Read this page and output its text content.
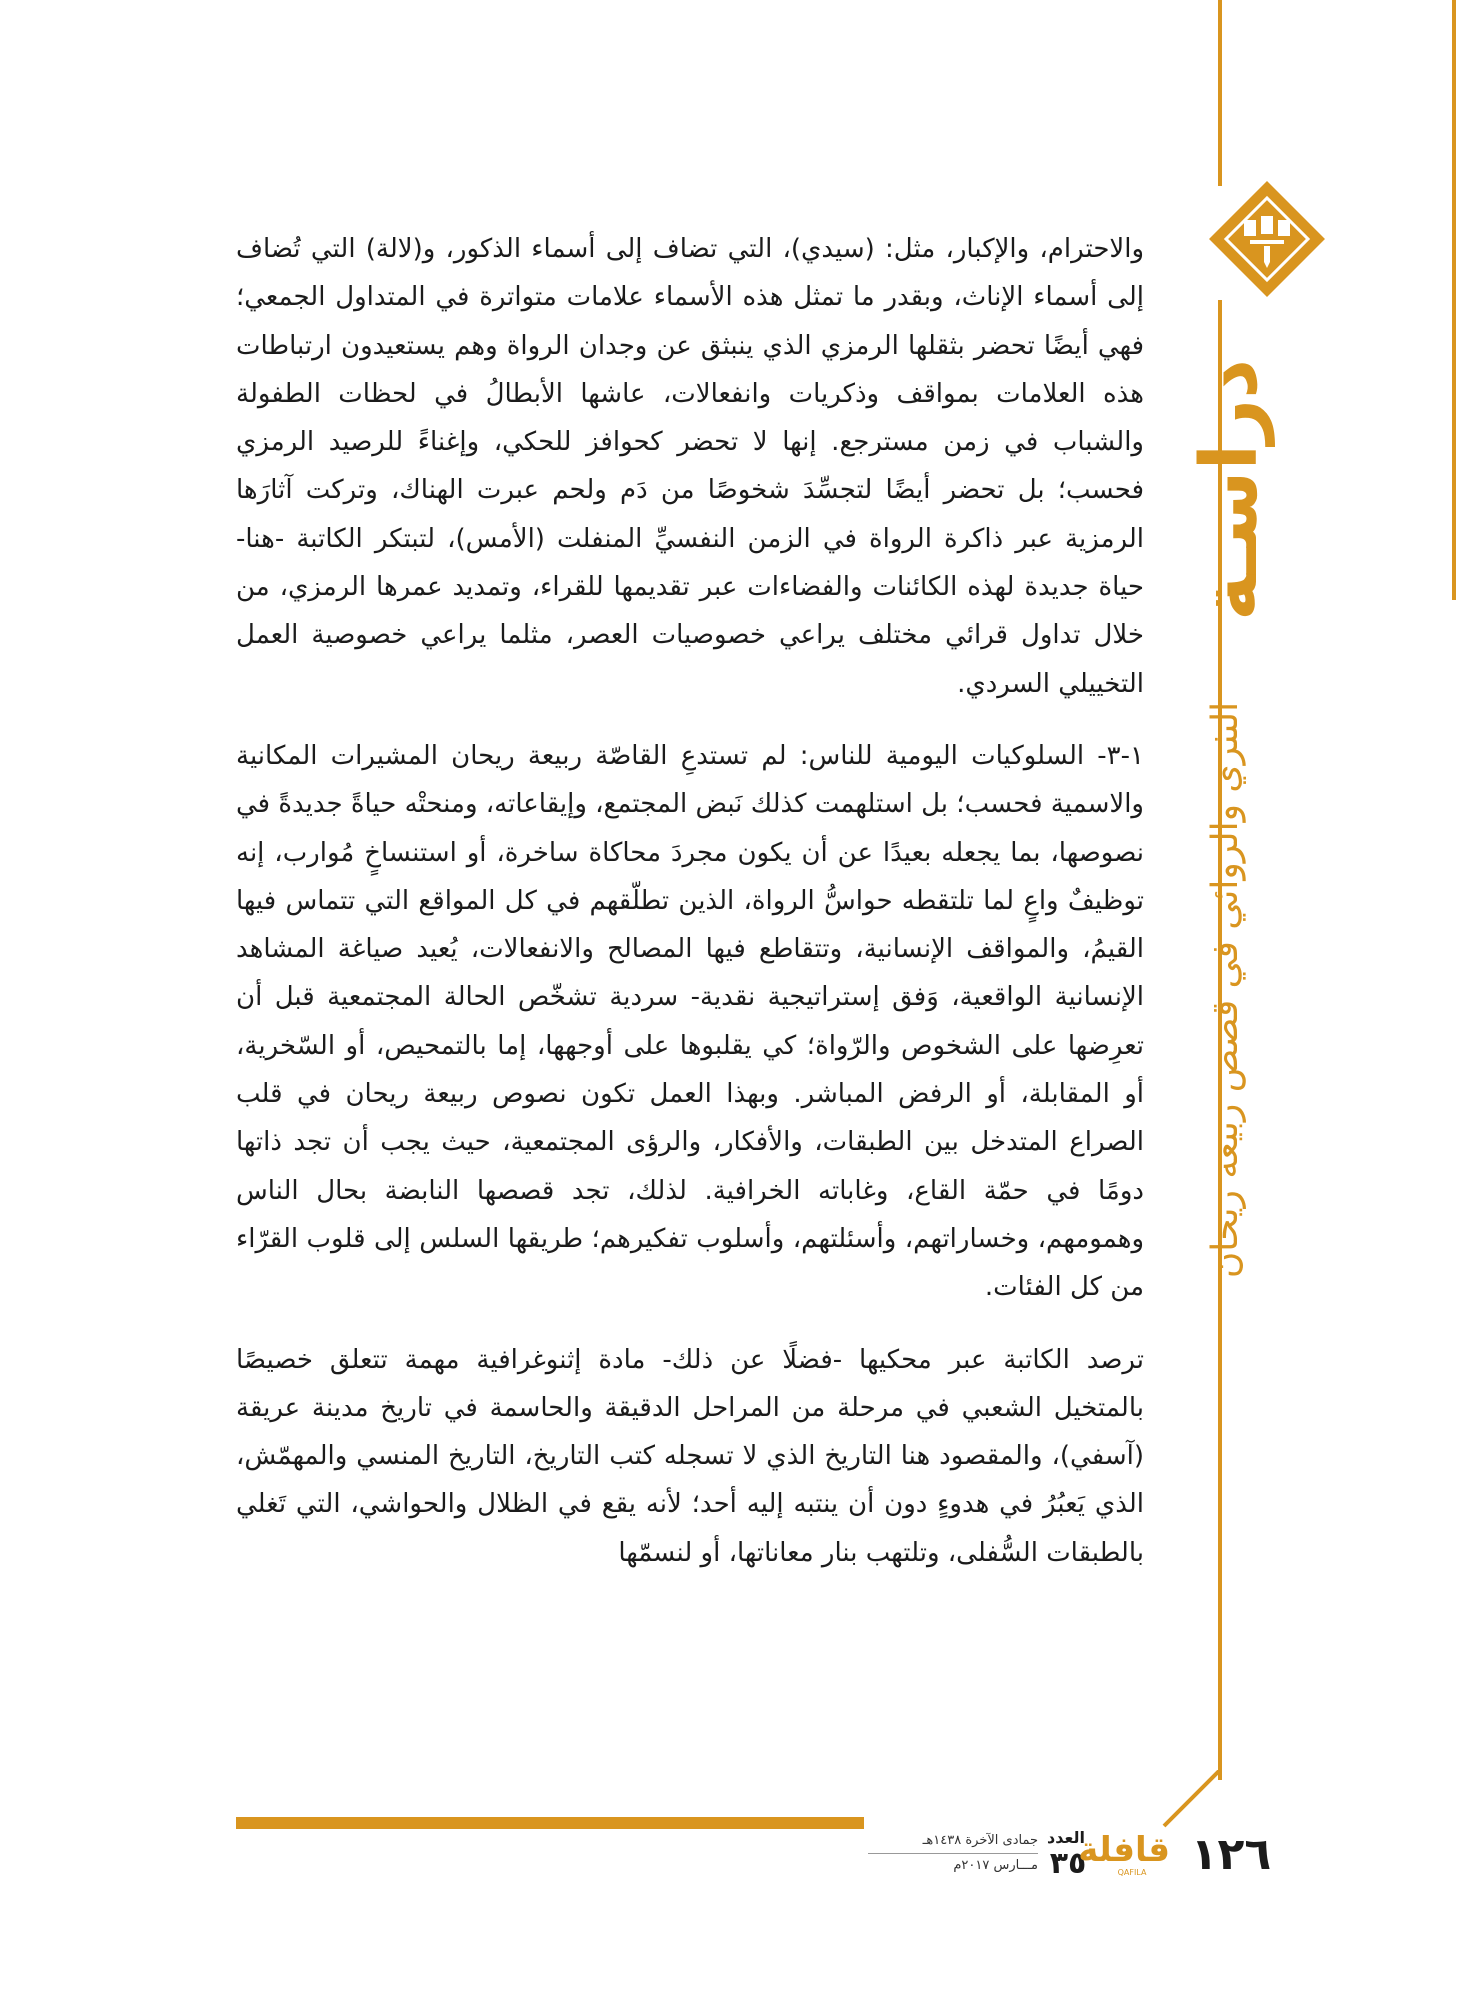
دراسـة
النثري والروائي في قصص ربيعة ريحان

والاحترام، والإكبار، مثل: (سيدي)، التي تضاف إلى أسماء الذكور، و(لالة) التي تُضاف إلى أسماء الإناث، وبقدر ما تمثل هذه الأسماء علامات متواترة في المتداول الجمعي؛ فهي أيضًا تحضر بثقلها الرمزي الذي ينبثق عن وجدان الرواة وهم يستعيدون ارتباطات هذه العلامات بمواقف وذكريات وانفعالات، عاشها الأبطالُ في لحظات الطفولة والشباب في زمن مسترجع. إنها لا تحضر كحوافز للحكي، وإغناءً للرصيد الرمزي فحسب؛ بل تحضر أيضًا لتجسِّدَ شخوصًا من دَم ولحم عبرت الهناك، وتركت آثارَها الرمزية عبر ذاكرة الرواة في الزمن النفسيِّ المنفلت (الأمس)، لتبتكر الكاتبة -هنا- حياة جديدة لهذه الكائنات والفضاءات عبر تقديمها للقراء، وتمديد عمرها الرمزي، من خلال تداول قرائي مختلف يراعي خصوصيات العصر، مثلما يراعي خصوصية العمل التخييلي السردي.

١-٣- السلوكيات اليومية للناس: لم تستدعِ القاصّة ربيعة ريحان المشيرات المكانية والاسمية فحسب؛ بل استلهمت كذلك نَبض المجتمع، وإيقاعاته، ومنحتْه حياةً جديدةً في نصوصها، بما يجعله بعيدًا عن أن يكون مجردَ محاكاة ساخرة، أو استنساخٍ مُوارب، إنه توظيفٌ واعٍ لما تلتقطه حواسُّ الرواة، الذين تطلّقهم في كل المواقع التي تتماس فيها القيمُ، والمواقف الإنسانية، وتتقاطع فيها المصالح والانفعالات، يُعيد صياغة المشاهد الإنسانية الواقعية، وَفق إستراتيجية نقدية- سردية تشخّص الحالة المجتمعية قبل أن تعرِضها على الشخوص والرّواة؛ كي يقلبوها على أوجهها، إما بالتمحيص، أو السّخرية، أو المقابلة، أو الرفض المباشر. وبهذا العمل تكون نصوص ربيعة ريحان في قلب الصراع المتدخل بين الطبقات، والأفكار، والرؤى المجتمعية، حيث يجب أن تجد ذاتها دومًا في حمّة القاع، وغاباته الخرافية. لذلك، تجد قصصها النابضة بحال الناس وهمومهم، وخساراتهم، وأسئلتهم، وأسلوب تفكيرهم؛ طريقها السلس إلى قلوب القرّاء من كل الفئات.

ترصد الكاتبة عبر محكيها -فضلًا عن ذلك- مادة إثنوغرافية مهمة تتعلق خصيصًا بالمتخيل الشعبي في مرحلة من المراحل الدقيقة والحاسمة في تاريخ مدينة عريقة (آسفي)، والمقصود هنا التاريخ الذي لا تسجله كتب التاريخ، التاريخ المنسي والمهمّش، الذي يَعبُرُ في هدوءٍ دون أن ينتبه إليه أحد؛ لأنه يقع في الظلال والحواشي، التي تَغلي بالطبقات السُّفلى، وتلتهب بنار معاناتها، أو لنسمّها

جمادى الآخرة ١٤٣٨هـ
مـــارس ٢٠١٧م
العدد
٣٥
قافلة
QAFILA	١٢٦
